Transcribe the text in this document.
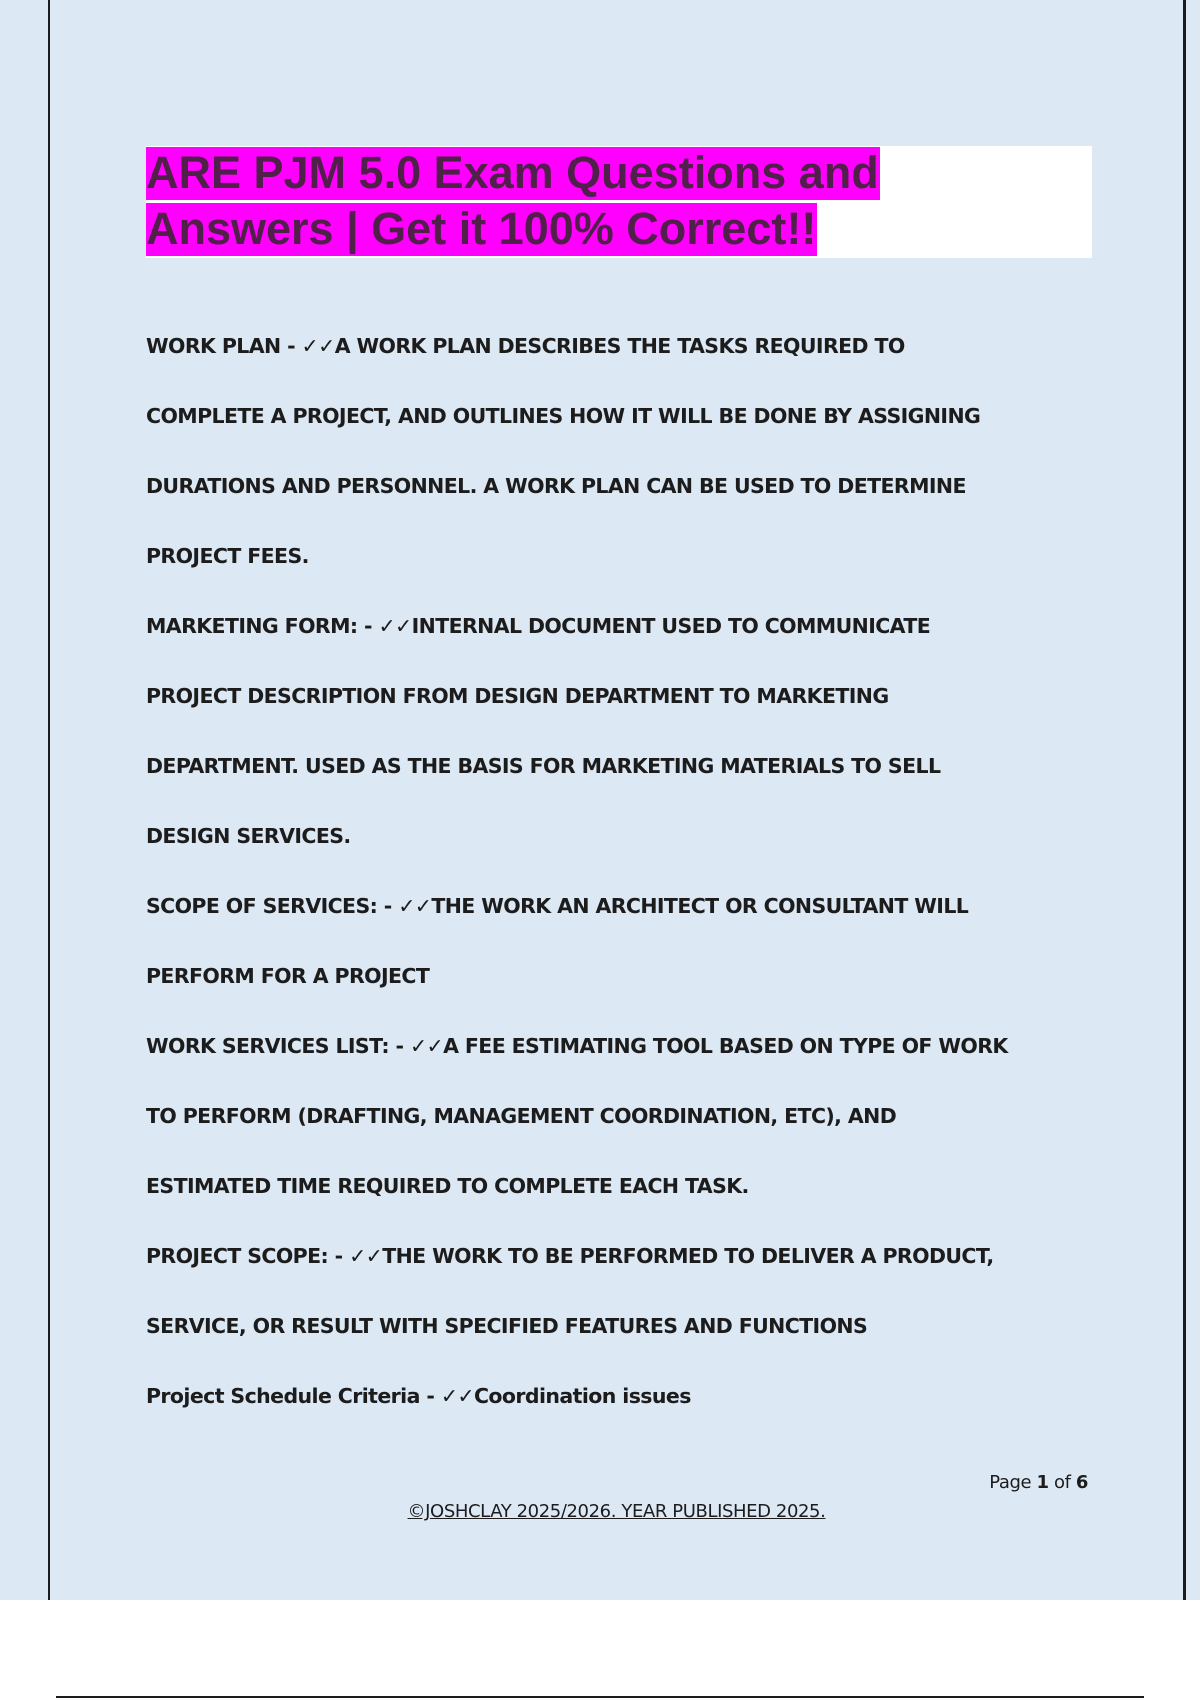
ARE PJM 5.0 Exam Questions and
Answers | Get it 100% Correct!!
WORK PLAN - ✓✓A WORK PLAN DESCRIBES THE TASKS REQUIRED TO
COMPLETE A PROJECT, AND OUTLINES HOW IT WILL BE DONE BY ASSIGNING
DURATIONS AND PERSONNEL. A WORK PLAN CAN BE USED TO DETERMINE
PROJECT FEES.
MARKETING FORM: - ✓✓INTERNAL DOCUMENT USED TO COMMUNICATE
PROJECT DESCRIPTION FROM DESIGN DEPARTMENT TO MARKETING
DEPARTMENT. USED AS THE BASIS FOR MARKETING MATERIALS TO SELL
DESIGN SERVICES.
SCOPE OF SERVICES: - ✓✓THE WORK AN ARCHITECT OR CONSULTANT WILL
PERFORM FOR A PROJECT
WORK SERVICES LIST: - ✓✓A FEE ESTIMATING TOOL BASED ON TYPE OF WORK
TO PERFORM (DRAFTING, MANAGEMENT COORDINATION, ETC), AND
ESTIMATED TIME REQUIRED TO COMPLETE EACH TASK.
PROJECT SCOPE: - ✓✓THE WORK TO BE PERFORMED TO DELIVER A PRODUCT,
SERVICE, OR RESULT WITH SPECIFIED FEATURES AND FUNCTIONS
Project Schedule Criteria - ✓✓Coordination issues
Page 1 of 6
©JOSHCLAY 2025/2026. YEAR PUBLISHED 2025.
